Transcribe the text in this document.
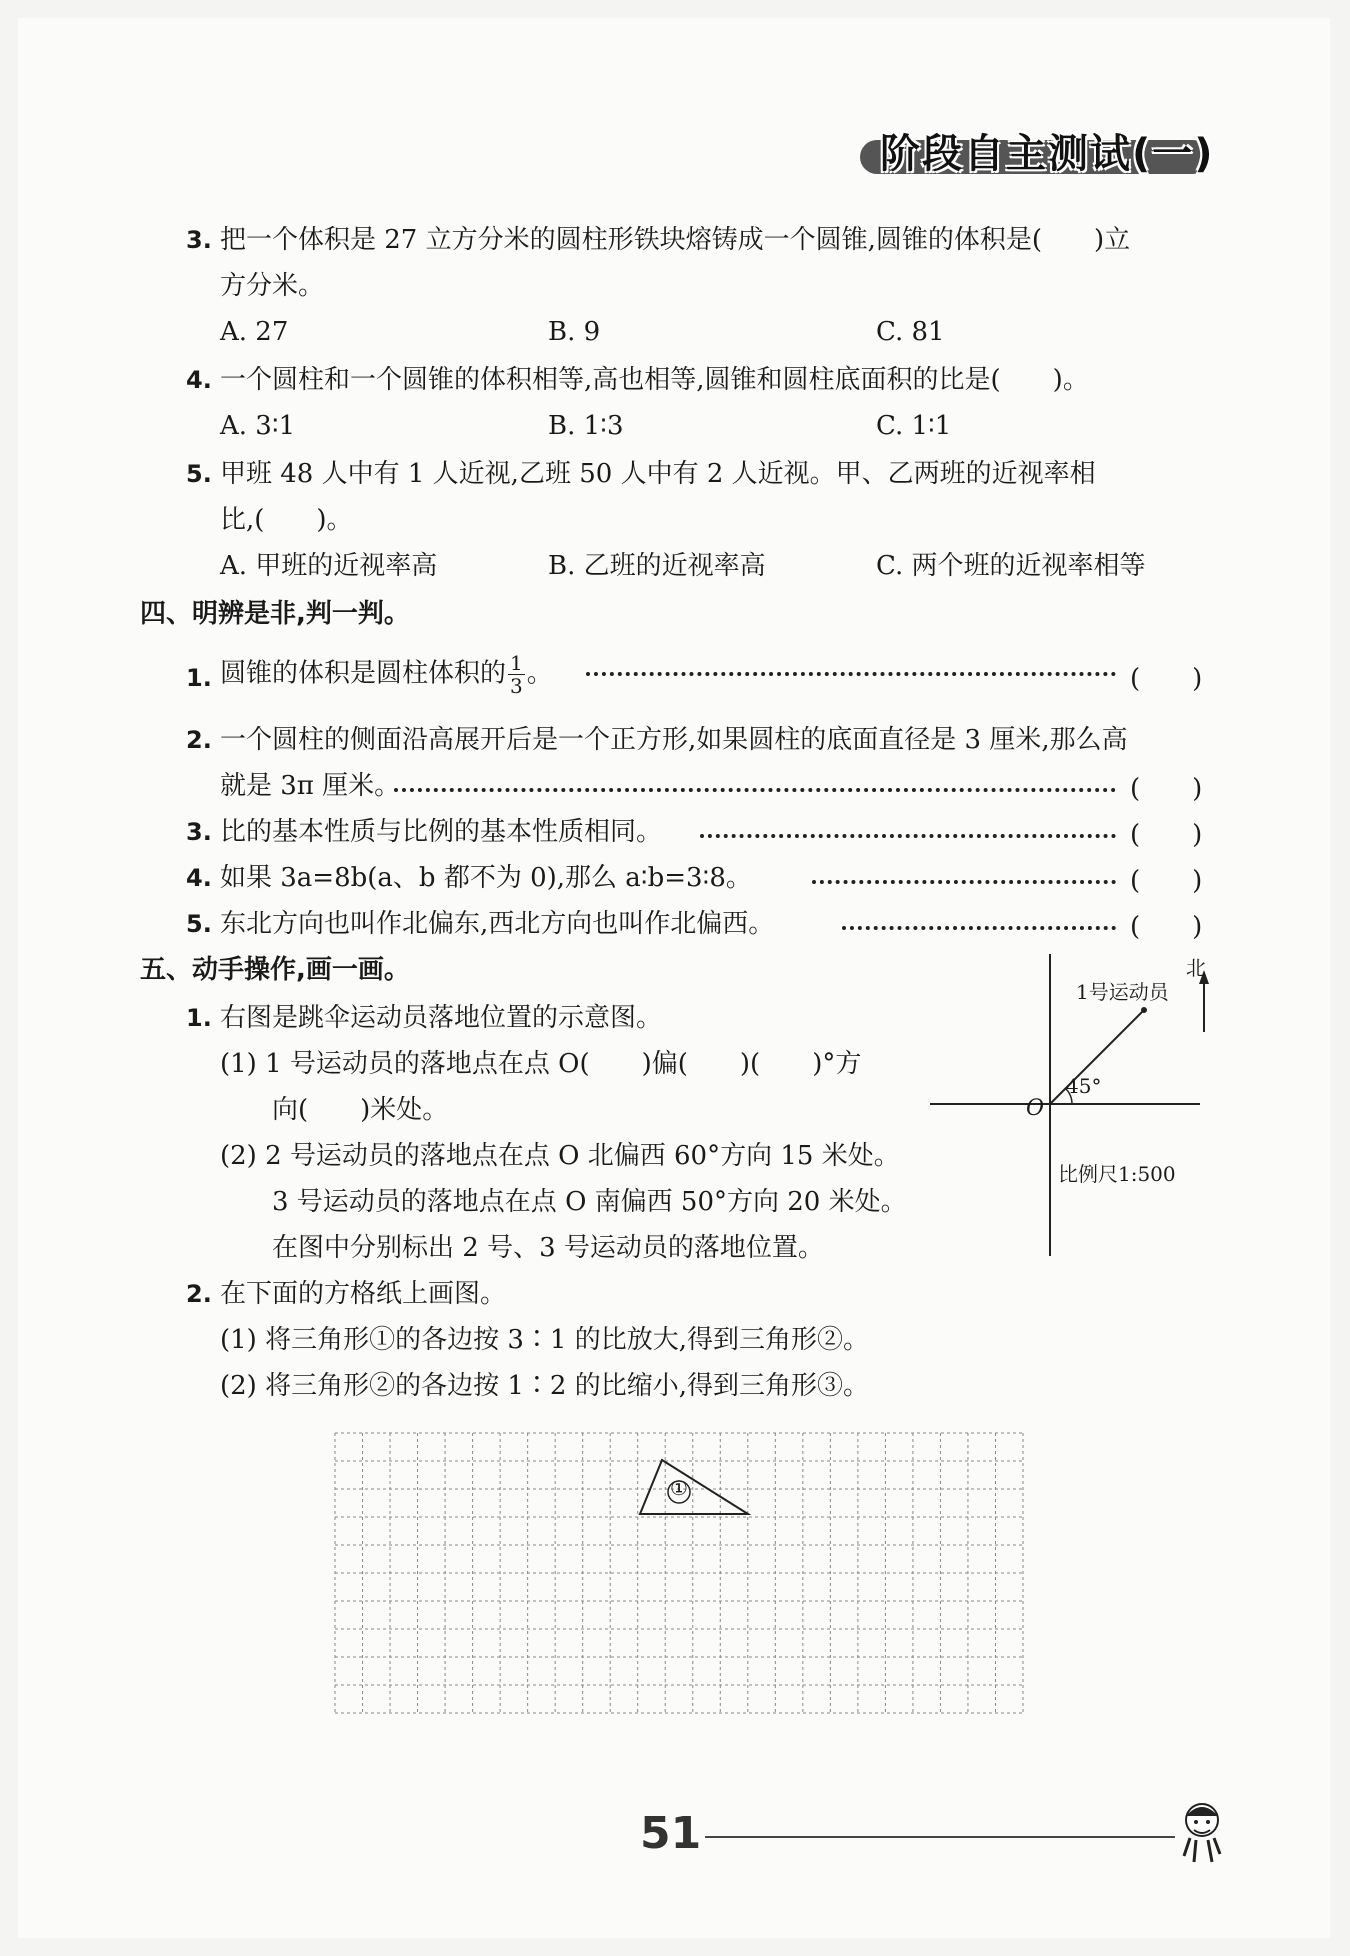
阶段自主测试(一)
3. 把一个体积是 27 立方分米的圆柱形铁块熔铸成一个圆锥,圆锥的体积是(　　)立
方分米。
A. 27	B. 9	C. 81
4. 一个圆柱和一个圆锥的体积相等,高也相等,圆锥和圆柱底面积的比是(　　)。
A. 3∶1	B. 1∶3	C. 1∶1
5. 甲班 48 人中有 1 人近视,乙班 50 人中有 2 人近视。甲、乙两班的近视率相
比,(　　)。
A. 甲班的近视率高	B. 乙班的近视率高	C. 两个班的近视率相等
四、明辨是非,判一判。
1. 圆锥的体积是圆柱体积的 $\frac{1}{3}$ 。	(　　)
2. 一个圆柱的侧面沿高展开后是一个正方形,如果圆柱的底面直径是 3 厘米,那么高
就是 3π 厘米。	(　　)
3. 比的基本性质与比例的基本性质相同。	(　　)
4. 如果 3a=8b(a、b 都不为 0),那么 a∶b=3∶8。	(　　)
5. 东北方向也叫作北偏东,西北方向也叫作北偏西。	(　　)
五、动手操作,画一画。
1. 右图是跳伞运动员落地位置的示意图。
(1) 1 号运动员的落地点在点 O(　　)偏(　　)(　　)°方
向(　　)米处。
(2) 2 号运动员的落地点在点 O 北偏西 60°方向 15 米处。
3 号运动员的落地点在点 O 南偏西 50°方向 20 米处。
在图中分别标出 2 号、3 号运动员的落地位置。
北
1号运动员
45°
O
比例尺1:500
2. 在下面的方格纸上画图。
(1) 将三角形①的各边按 3∶1 的比放大,得到三角形②。
(2) 将三角形②的各边按 1∶2 的比缩小,得到三角形③。
①
51
